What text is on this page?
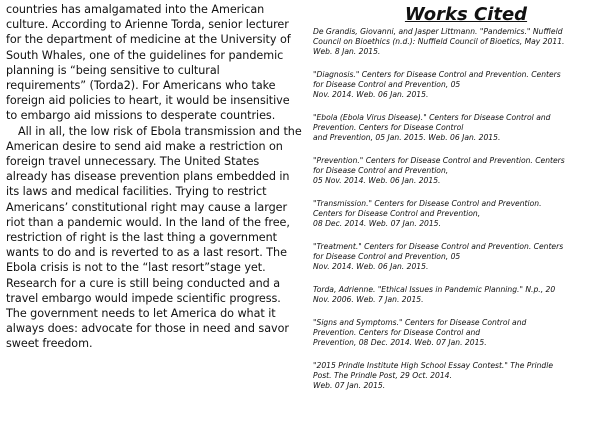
countries has amalgamated into the American culture. According to Arienne Torda, senior lecturer for the department of medicine at the University of South Whales, one of the guidelines for pandemic planning is “being sensitive to cultural requirements” (Torda2). For Americans who take foreign aid policies to heart, it would be insensitive to embargo aid missions to desperate countries.

All in all, the low risk of Ebola transmission and the American desire to send aid make a restriction on foreign travel unnecessary. The United States already has disease prevention plans embedded in its laws and medical facilities. Trying to restrict Americans’ constitutional right may cause a larger riot than a pandemic would. In the land of the free, restriction of right is the last thing a government wants to do and is reverted to as a last resort. The Ebola crisis is not to the “last resort”stage yet. Research for a cure is still being conducted and a travel embargo would impede scientific progress. The government needs to let America do what it always does: advocate for those in need and savor sweet freedom.

Works Cited
De Grandis, Giovanni, and Jasper Littmann. "Pandemics." Nuffield
Council on Bioethics (n.d.): Nuffield Council of Bioetics, May 2011.
Web. 8 Jan. 2015.
"Diagnosis." Centers for Disease Control and Prevention. Centers
for Disease Control and Prevention, 05
Nov. 2014. Web. 06 Jan. 2015.
"Ebola (Ebola Virus Disease)." Centers for Disease Control and
Prevention. Centers for Disease Control
and Prevention, 05 Jan. 2015. Web. 06 Jan. 2015.
"Prevention." Centers for Disease Control and Prevention. Centers
for Disease Control and Prevention,
05 Nov. 2014. Web. 06 Jan. 2015.
"Transmission." Centers for Disease Control and Prevention.
Centers for Disease Control and Prevention,
08 Dec. 2014. Web. 07 Jan. 2015.
"Treatment." Centers for Disease Control and Prevention. Centers
for Disease Control and Prevention, 05
Nov. 2014. Web. 06 Jan. 2015.
Torda, Adrienne. "Ethical Issues in Pandemic Planning." N.p., 20
Nov. 2006. Web. 7 Jan. 2015.
"Signs and Symptoms." Centers for Disease Control and
Prevention. Centers for Disease Control and
Prevention, 08 Dec. 2014. Web. 07 Jan. 2015.
"2015 Prindle Institute High School Essay Contest." The Prindle
Post. The Prindle Post, 29 Oct. 2014.
Web. 07 Jan. 2015.
